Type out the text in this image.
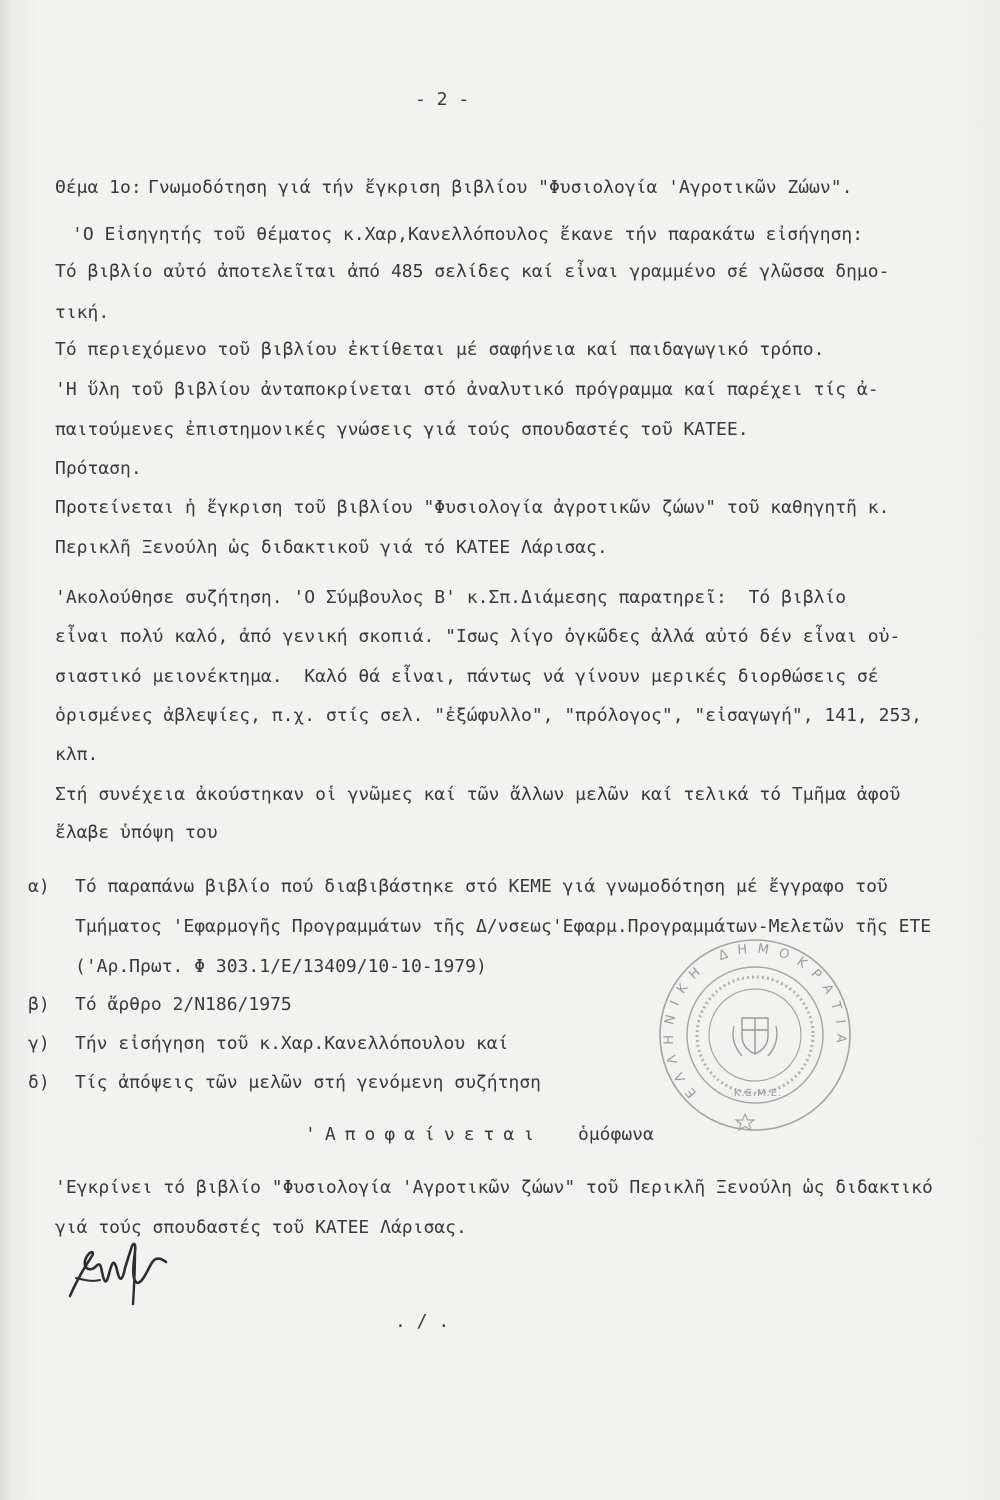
- 2 -
Θέμα 1ο: Γνωμοδότηση γιά τήν ἔγκριση βιβλίου "Φυσιολογία 'Αγροτικῶν Ζώων".
'Ο Εἰσηγητής τοῦ θέματος κ.Χαρ,Κανελλόπουλος ἔκανε τήν παρακάτω εἰσήγηση:
Τό βιβλίο αὐτό ἀποτελεῖται ἀπό 485 σελίδες καί εἶναι γραμμένο σέ γλῶσσα δημο-
τική.
Τό περιεχόμενο τοῦ βιβλίου ἐκτίθεται μέ σαφήνεια καί παιδαγωγικό τρόπο.
'Η ὕλη τοῦ βιβλίου ἀνταποκρίνεται στό ἀναλυτικό πρόγραμμα καί παρέχει τίς ἀ-
παιτούμενες ἐπιστημονικές γνώσεις γιά τούς σπουδαστές τοῦ ΚΑΤΕΕ.
Πρόταση.
Προτείνεται ἡ ἔγκριση τοῦ βιβλίου "Φυσιολογία ἀγροτικῶν ζώων" τοῦ καθηγητῆ κ.
Περικλῆ Ξενούλη ὡς διδακτικοῦ γιά τό ΚΑΤΕΕ Λάρισας.
'Ακολούθησε συζήτηση. 'Ο Σύμβουλος Β' κ.Σπ.Διάμεσης παρατηρεῖ:  Τό βιβλίο
εἶναι πολύ καλό, ἀπό γενική σκοπιά. "Ισως λίγο ὀγκῶδες ἀλλά αὐτό δέν εἶναι οὐ-
σιαστικό μειονέκτημα.  Καλό θά εἶναι, πάντως νά γίνουν μερικές διορθώσεις σέ
ὁρισμένες ἀβλεψίες, π.χ. στίς σελ. "ἐξώφυλλο", "πρόλογος", "εἰσαγωγή", 141, 253,
κλπ.
Στή συνέχεια ἀκούστηκαν οἱ γνῶμες καί τῶν ἄλλων μελῶν καί τελικά τό Τμῆμα ἀφοῦ
ἔλαβε ὑπόψη του
α) Τό παραπάνω βιβλίο πού διαβιβάστηκε στό ΚΕΜΕ γιά γνωμοδότηση μέ ἔγγραφο τοῦ
Τμήματος 'Εφαρμογῆς Προγραμμάτων τῆς Δ/νσεως'Εφαρμ.Προγραμμάτων-Μελετῶν τῆς ΕΤΕ
('Αρ.Πρωτ. Φ 303.1/Ε/13409/10-10-1979)
β) Τό ἄρθρο 2/Ν186/1975
γ) Τήν εἰσήγηση τοῦ κ.Χαρ.Κανελλόπουλου καί
δ) Τίς ἀπόψεις τῶν μελῶν στή γενόμενη συζήτηση
'Αποφαίνεται ὁμόφωνα
'Εγκρίνει τό βιβλίο "Φυσιολογία 'Αγροτικῶν ζώων" τοῦ Περικλῆ Ξενούλη ὡς διδακτικό
γιά τούς σπουδαστές τοῦ ΚΑΤΕΕ Λάρισας.
. / .
ΕΛΛΗΝΙΚΗ ΔΗΜΟΚΡΑΤΙΑ
Κ.Ε.Μ.Ε.
